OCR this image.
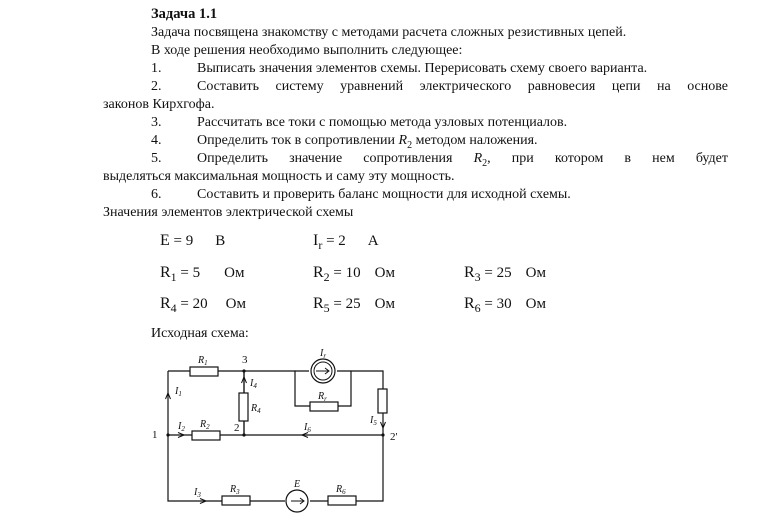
Задача 1.1
Задача посвящена знакомству с методами расчета сложных резистивных цепей.
В ходе решения необходимо выполнить следующее:
1.	Выписать значения элементов схемы. Перерисовать схему своего варианта.
2.	Составить систему уравнений электрического равновесия цепи на основе
законов Кирхгофа.
3.	Рассчитать все токи с помощью метода узловых потенциалов.
4.	Определить ток в сопротивлении $R_2$ методом наложения.
5.	Определить значение сопротивления $R_2$, при котором в нем будет
выделяться максимальная мощность и саму эту мощность.
6.	Составить и проверить баланс мощности для исходной схемы.
Значения элементов электрической схемы
E = 9 В	$I_r = 2$ А
$R_1 = 5$ Ом	$R_2 = 10$ Ом	$R_3 = 25$ Ом
$R_4 = 20$ Ом	$R_5 = 25$ Ом	$R_6 = 30$ Ом
Исходная схема:
$R_1$
$R_2$
$R_3$
$R_4$
$R_6$
$R_r$
$I_r$
E
$I_1$
$I_2$
$I_3$
$I_4$
$I_5$
$I_6$
1
2
2'
3
